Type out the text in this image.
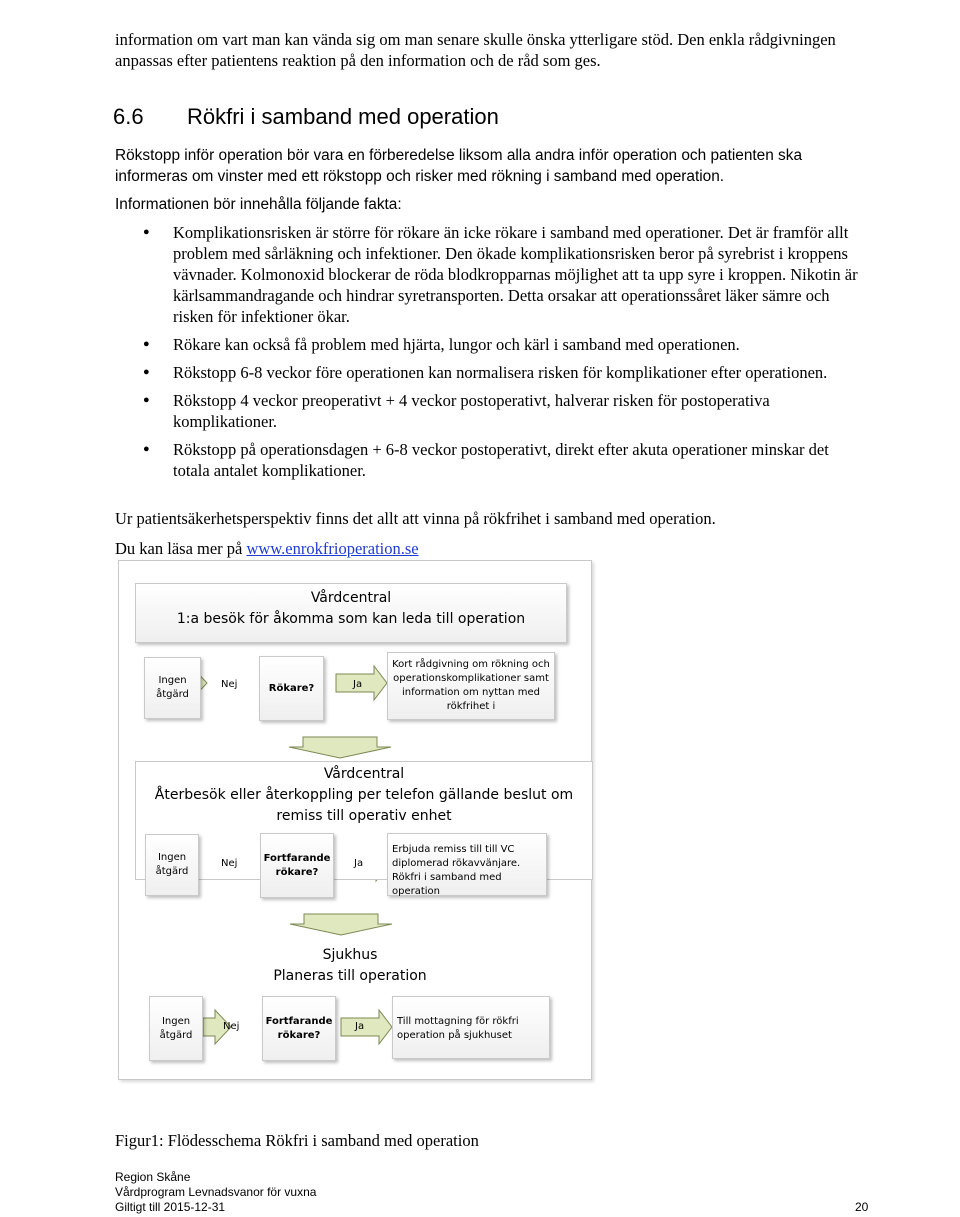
information om vart man kan vända sig om man senare skulle önska ytterligare stöd. Den enkla rådgivningen anpassas efter patientens reaktion på den information och de råd som ges.

6.6 Rökfri i samband med operation

Rökstopp inför operation bör vara en förberedelse liksom alla andra inför operation och patienten ska informeras om vinster med ett rökstopp och risker med rökning i samband med operation.

Informationen bör innehålla följande fakta:

● Komplikationsrisken är större för rökare än icke rökare i samband med operationer. Det är framför allt problem med sårläkning och infektioner. Den ökade komplikationsrisken beror på syrebrist i kroppens vävnader. Kolmonoxid blockerar de röda blodkropparnas möjlighet att ta upp syre i kroppen. Nikotin är kärlsammandragande och hindrar syretransporten. Detta orsakar att operationssåret läker sämre och risken för infektioner ökar.
● Rökare kan också få problem med hjärta, lungor och kärl i samband med operationen.
● Rökstopp 6-8 veckor före operationen kan normalisera risken för komplikationer efter operationen.
● Rökstopp 4 veckor preoperativt + 4 veckor postoperativt, halverar risken för postoperativa komplikationer.
● Rökstopp på operationsdagen + 6-8 veckor postoperativt, direkt efter akuta operationer minskar det totala antalet komplikationer.

Ur patientsäkerhetsperspektiv finns det allt att vinna på rökfrihet i samband med operation.

Du kan läsa mer på www.enrokfrioperation.se

Vårdcentral
1:a besök för åkomma som kan leda till operation
Ingen åtgärd
Nej	Rökare?	Ja
Kort rådgivning om rökning och operationskomplikationer samt information om nyttan med rökfrihet i
Vårdcentral
Återbesök eller återkoppling per telefon gällande beslut om remiss till operativ enhet
Ingen åtgärd
Nej	Fortfarande rökare?
Ja
Erbjuda remiss till till VC diplomerad rökavvänjare. Rökfri i samband med operation
Sjukhus
Planeras till operation
Ingen åtgärd
Nej	Fortfarande rökare?
Ja	Till mottagning för rökfri operation på sjukhuset

Figur1: Flödesschema Rökfri i samband med operation

Region Skåne
Vårdprogram Levnadsvanor för vuxna
Giltigt till 2015-12-31	20
